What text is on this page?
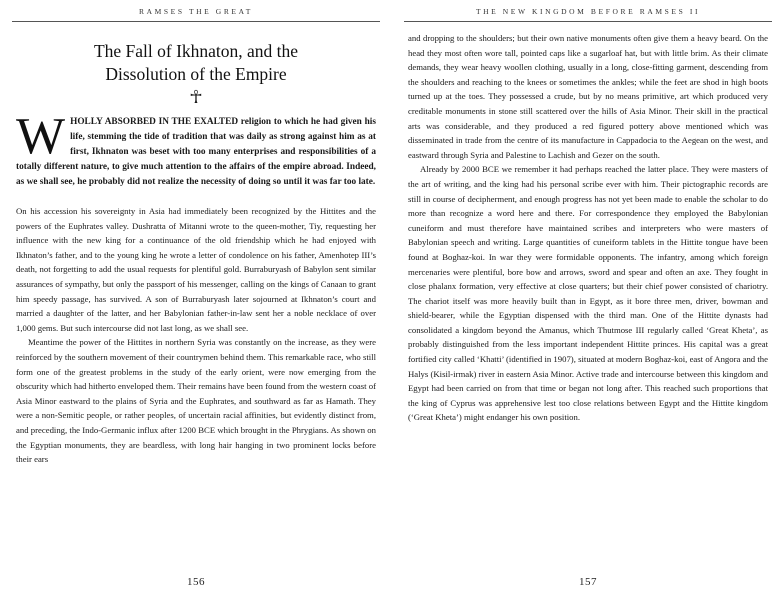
RAMSES THE GREAT
The Fall of Ikhnaton, and the
Dissolution of the Empire
☥

WHOLLY ABSORBED IN THE EXALTED religion to which he had given his life, stemming the tide of tradition that was daily as strong against him as at first, Ikhnaton was beset with too many enterprises and responsibilities of a totally different nature, to give much attention to the affairs of the empire abroad. Indeed, as we shall see, he probably did not realize the necessity of doing so until it was far too late.

On his accession his sovereignty in Asia had immediately been recognized by the Hittites and the powers of the Euphrates valley. Dushratta of Mitanni wrote to the queen-mother, Tiy, requesting her influence with the new king for a continuance of the old friendship which he had enjoyed with Ikhnaton’s father, and to the young king he wrote a letter of condolence on his father, Amenhotep III’s death, not forgetting to add the usual requests for plentiful gold. Burraburyash of Babylon sent similar assurances of sympathy, but only the passport of his messenger, calling on the kings of Canaan to grant him speedy passage, has survived. A son of Burraburyash later sojourned at Ikhnaton’s court and married a daughter of the latter, and her Babylonian father-in-law sent her a noble necklace of over 1,000 gems. But such intercourse did not last long, as we shall see.

Meantime the power of the Hittites in northern Syria was constantly on the increase, as they were reinforced by the southern movement of their countrymen behind them. This remarkable race, who still form one of the greatest problems in the study of the early orient, were now emerging from the obscurity which had hitherto enveloped them. Their remains have been found from the western coast of Asia Minor eastward to the plains of Syria and the Euphrates, and southward as far as Hamath. They were a non-Semitic people, or rather peoples, of uncertain racial affinities, but evidently distinct from, and preceding, the Indo-Germanic influx after 1200 BCE which brought in the Phrygians. As shown on the Egyptian monuments, they are beardless, with long hair hanging in two prominent locks before their ears

156
THE NEW KINGDOM BEFORE RAMSES II

and dropping to the shoulders; but their own native monuments often give them a heavy beard. On the head they most often wore tall, pointed caps like a sugarloaf hat, but with little brim. As their climate demands, they wear heavy woollen clothing, usually in a long, close-fitting garment, descending from the shoulders and reaching to the knees or sometimes the ankles; while the feet are shod in high boots turned up at the toes. They possessed a crude, but by no means primitive, art which produced very creditable monuments in stone still scattered over the hills of Asia Minor. Their skill in the practical arts was considerable, and they produced a red figured pottery above mentioned which was disseminated in trade from the centre of its manufacture in Cappadocia to the Aegean on the west, and eastward through Syria and Palestine to Lachish and Gezer on the south.

Already by 2000 BCE we remember it had perhaps reached the latter place. They were masters of the art of writing, and the king had his personal scribe ever with him. Their pictographic records are still in course of decipherment, and enough progress has not yet been made to enable the scholar to do more than recognize a word here and there. For correspondence they employed the Babylonian cuneiform and must therefore have maintained scribes and interpreters who were masters of Babylonian speech and writing. Large quantities of cuneiform tablets in the Hittite tongue have been found at Boghaz-koi. In war they were formidable opponents. The infantry, among which foreign mercenaries were plentiful, bore bow and arrows, sword and spear and often an axe. They fought in close phalanx formation, very effective at close quarters; but their chief power consisted of chariotry. The chariot itself was more heavily built than in Egypt, as it bore three men, driver, bowman and shield-bearer, while the Egyptian dispensed with the third man. One of the Hittite dynasts had consolidated a kingdom beyond the Amanus, which Thutmose III regularly called ‘Great Kheta’, as probably distinguished from the less important independent Hittite princes. His capital was a great fortified city called ‘Khatti’ (identified in 1907), situated at modern Boghaz-koi, east of Angora and the Halys (Kisil-irmak) river in eastern Asia Minor. Active trade and intercourse between this kingdom and Egypt had been carried on from that time or began not long after. This reached such proportions that the king of Cyprus was apprehensive lest too close relations between Egypt and the Hittite kingdom (‘Great Kheta’) might endanger his own position.

157
